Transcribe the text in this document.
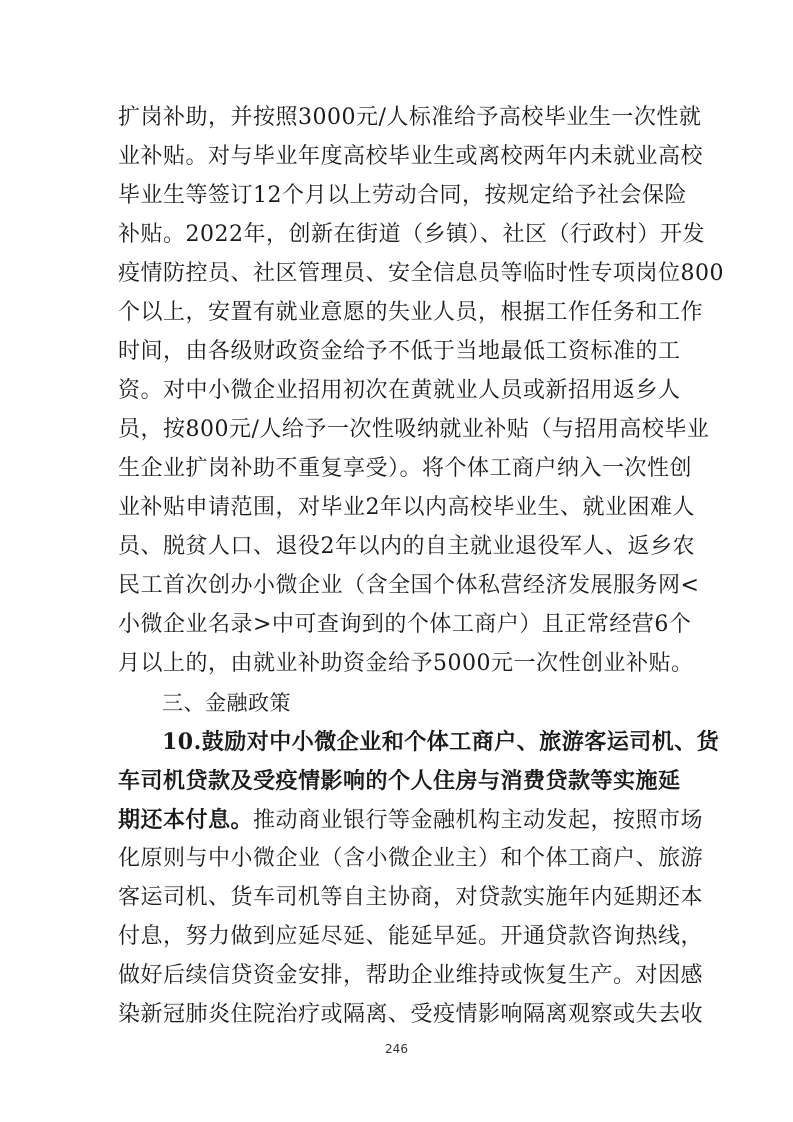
扩岗补助，并按照3000元/人标准给予高校毕业生一次性就
业补贴。对与毕业年度高校毕业生或离校两年内未就业高校
毕业生等签订12个月以上劳动合同，按规定给予社会保险
补贴。2022年，创新在街道（乡镇）、社区（行政村）开发
疫情防控员、社区管理员、安全信息员等临时性专项岗位800
个以上，安置有就业意愿的失业人员，根据工作任务和工作
时间，由各级财政资金给予不低于当地最低工资标准的工
资。对中小微企业招用初次在黄就业人员或新招用返乡人
员，按800元/人给予一次性吸纳就业补贴（与招用高校毕业
生企业扩岗补助不重复享受）。将个体工商户纳入一次性创
业补贴申请范围，对毕业2年以内高校毕业生、就业困难人
员、脱贫人口、退役2年以内的自主就业退役军人、返乡农
民工首次创办小微企业（含全国个体私营经济发展服务网<
小微企业名录>中可查询到的个体工商户）且正常经营6个
月以上的，由就业补助资金给予5000元一次性创业补贴。
三、金融政策
10.鼓励对中小微企业和个体工商户、旅游客运司机、货
车司机贷款及受疫情影响的个人住房与消费贷款等实施延
期还本付息。推动商业银行等金融机构主动发起，按照市场
化原则与中小微企业（含小微企业主）和个体工商户、旅游
客运司机、货车司机等自主协商，对贷款实施年内延期还本
付息，努力做到应延尽延、能延早延。开通贷款咨询热线，
做好后续信贷资金安排，帮助企业维持或恢复生产。对因感
染新冠肺炎住院治疗或隔离、受疫情影响隔离观察或失去收
246
